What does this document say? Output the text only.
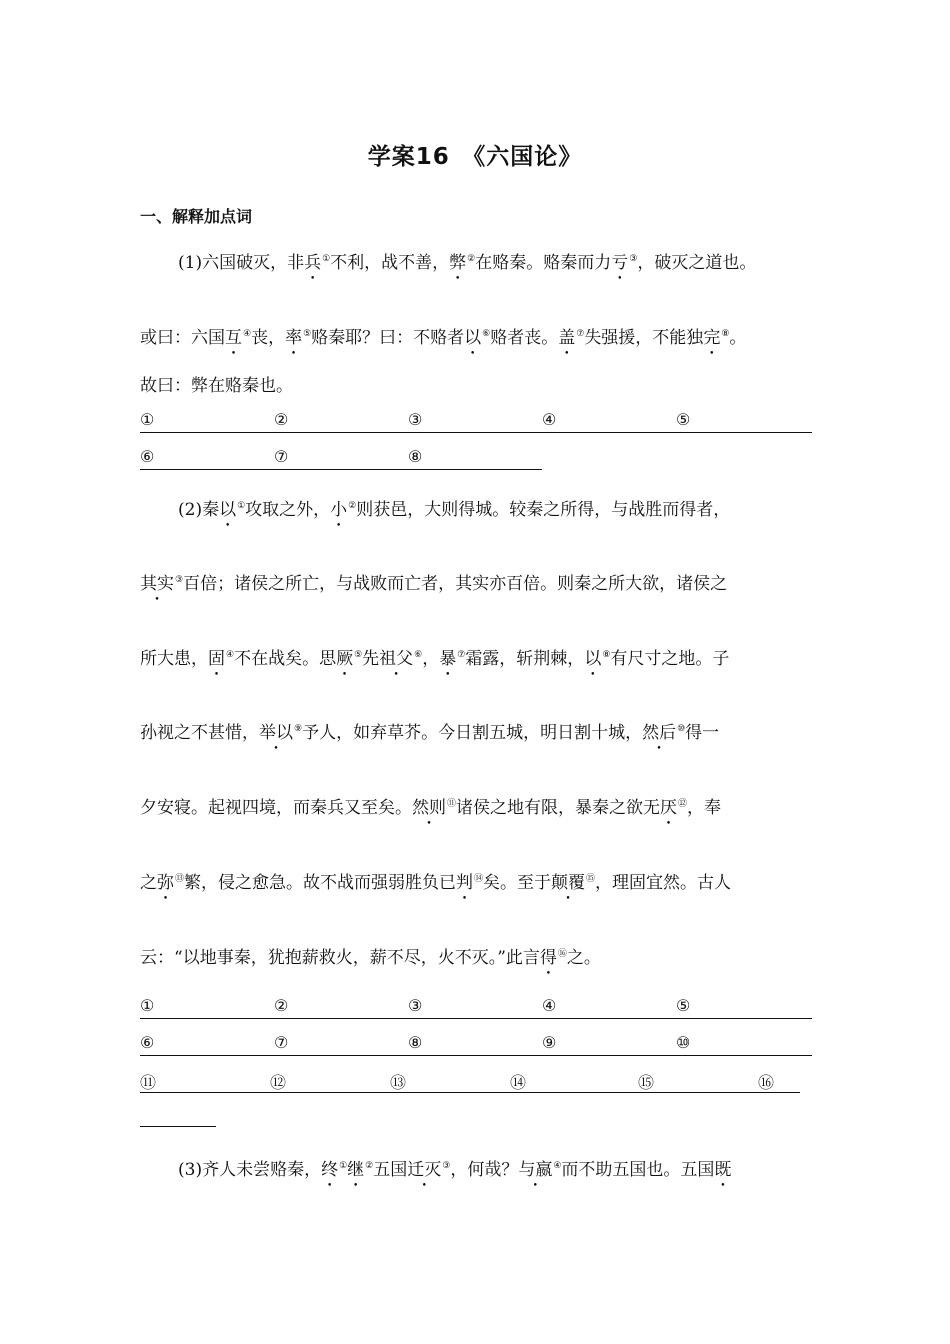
学案16　《六国论》
一、解释加点词
(1)六国破灭，非兵①不利，战不善，弊②在赂秦。赂秦而力亏③，破灭之道也。
或曰：六国互④丧，率⑤赂秦耶？曰：不赂者以⑥赂者丧。盖⑦失强援，不能独完⑧。
故曰：弊在赂秦也。
①	②	③	④	⑤
⑥	⑦	⑧
(2)秦以①攻取之外，小②则获邑，大则得城。较秦之所得，与战胜而得者，
其实③百倍；诸侯之所亡，与战败而亡者，其实亦百倍。则秦之所大欲，诸侯之
所大患，固④不在战矣。思厥⑤先祖父⑥，暴⑦霜露，斩荆棘，以⑧有尺寸之地。子
孙视之不甚惜，举以⑨予人，如弃草芥。今日割五城，明日割十城，然后⑩得一
夕安寝。起视四境，而秦兵又至矣。然则⑪诸侯之地有限，暴秦之欲无厌⑫，奉
之弥⑬繁，侵之愈急。故不战而强弱胜负已判⑭矣。至于颠覆⑮，理固宜然。古人
云：“以地事秦，犹抱薪救火，薪不尽，火不灭。”此言得⑯之。
①	②	③	④	⑤
⑥	⑦	⑧	⑨	⑩
⑪	⑫	⑬	⑭	⑮	⑯
(3)齐人未尝赂秦，终①继②五国迁灭③，何哉？与嬴④而不助五国也。五国既
